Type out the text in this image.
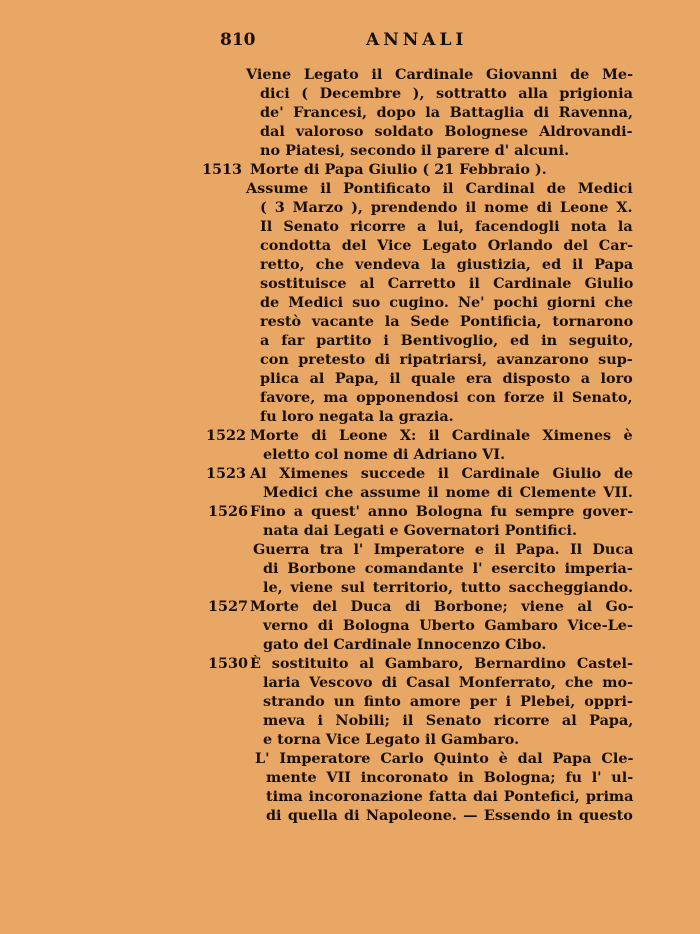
810	ANNALI
Viene Legato il Cardinale Giovanni de Me-
dici ( Decembre ), sottratto alla prigionia
de' Francesi, dopo la Battaglia di Ravenna,
dal valoroso soldato Bolognese Aldrovandi-
no Piatesi, secondo il parere d' alcuni.
Morte di Papa Giulio ( 21 Febbraio ).
Assume il Pontificato il Cardinal de Medici
( 3 Marzo ), prendendo il nome di Leone X.
Il Senato ricorre a lui, facendogli nota la
condotta del Vice Legato Orlando del Car-
retto, che vendeva la giustizia, ed il Papa
sostituisce al Carretto il Cardinale Giulio
de Medici suo cugino. Ne' pochi giorni che
restò vacante la Sede Pontificia, tornarono
a far partito i Bentivoglio, ed in seguito,
con pretesto di ripatriarsi, avanzarono sup-
plica al Papa, il quale era disposto a loro
favore, ma opponendosi con forze il Senato,
fu loro negata la grazia.
Morte di Leone X: il Cardinale Ximenes è
eletto col nome di Adriano VI.
Al Ximenes succede il Cardinale Giulio de
Medici che assume il nome di Clemente VII.
Fino a quest' anno Bologna fu sempre gover-
nata dai Legati e Governatori Pontifici.
Guerra tra l' Imperatore e il Papa. Il Duca
di Borbone comandante l' esercito imperia-
le, viene sul territorio, tutto saccheggiando.
Morte del Duca di Borbone; viene al Go-
verno di Bologna Uberto Gambaro Vice-Le-
gato del Cardinale Innocenzo Cibo.
È sostituito al Gambaro, Bernardino Castel-
laria Vescovo di Casal Monferrato, che mo-
strando un finto amore per i Plebei, oppri-
meva i Nobili; il Senato ricorre al Papa,
e torna Vice Legato il Gambaro.
L' Imperatore Carlo Quinto è dal Papa Cle-
mente VII incoronato in Bologna; fu l' ul-
tima incoronazione fatta dai Pontefici, prima
di quella di Napoleone. — Essendo in questo
1513
1522
1523
1526
1527
1530
